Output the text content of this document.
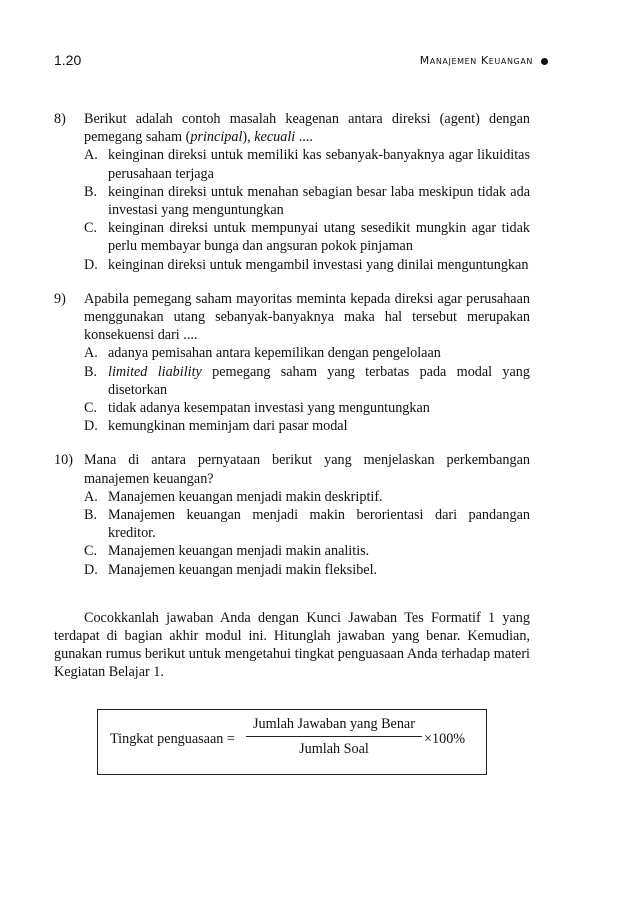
1.20	Manajemen Keuangan
8) Berikut adalah contoh masalah keagenan antara direksi (agent) dengan pemegang saham (principal), kecuali ....
A. keinginan direksi untuk memiliki kas sebanyak-banyaknya agar likuiditas perusahaan terjaga
B. keinginan direksi untuk menahan sebagian besar laba meskipun tidak ada investasi yang menguntungkan
C. keinginan direksi untuk mempunyai utang sesedikit mungkin agar tidak perlu membayar bunga dan angsuran pokok pinjaman
D. keinginan direksi untuk mengambil investasi yang dinilai menguntungkan
9) Apabila pemegang saham mayoritas meminta kepada direksi agar perusahaan menggunakan utang sebanyak-banyaknya maka hal tersebut merupakan konsekuensi dari ....
A. adanya pemisahan antara kepemilikan dengan pengelolaan
B. limited liability pemegang saham yang terbatas pada modal yang disetorkan
C. tidak adanya kesempatan investasi yang menguntungkan
D. kemungkinan meminjam dari pasar modal
10) Mana di antara pernyataan berikut yang menjelaskan perkembangan manajemen keuangan?
A. Manajemen keuangan menjadi makin deskriptif.
B. Manajemen keuangan menjadi makin berorientasi dari pandangan kreditor.
C. Manajemen keuangan menjadi makin analitis.
D. Manajemen keuangan menjadi makin fleksibel.

Cocokkanlah jawaban Anda dengan Kunci Jawaban Tes Formatif 1 yang terdapat di bagian akhir modul ini. Hitunglah jawaban yang benar. Kemudian, gunakan rumus berikut untuk mengetahui tingkat penguasaan Anda terhadap materi Kegiatan Belajar 1.

Tingkat penguasaan =
Jumlah Jawaban yang Benar
Jumlah Soal
×100%
